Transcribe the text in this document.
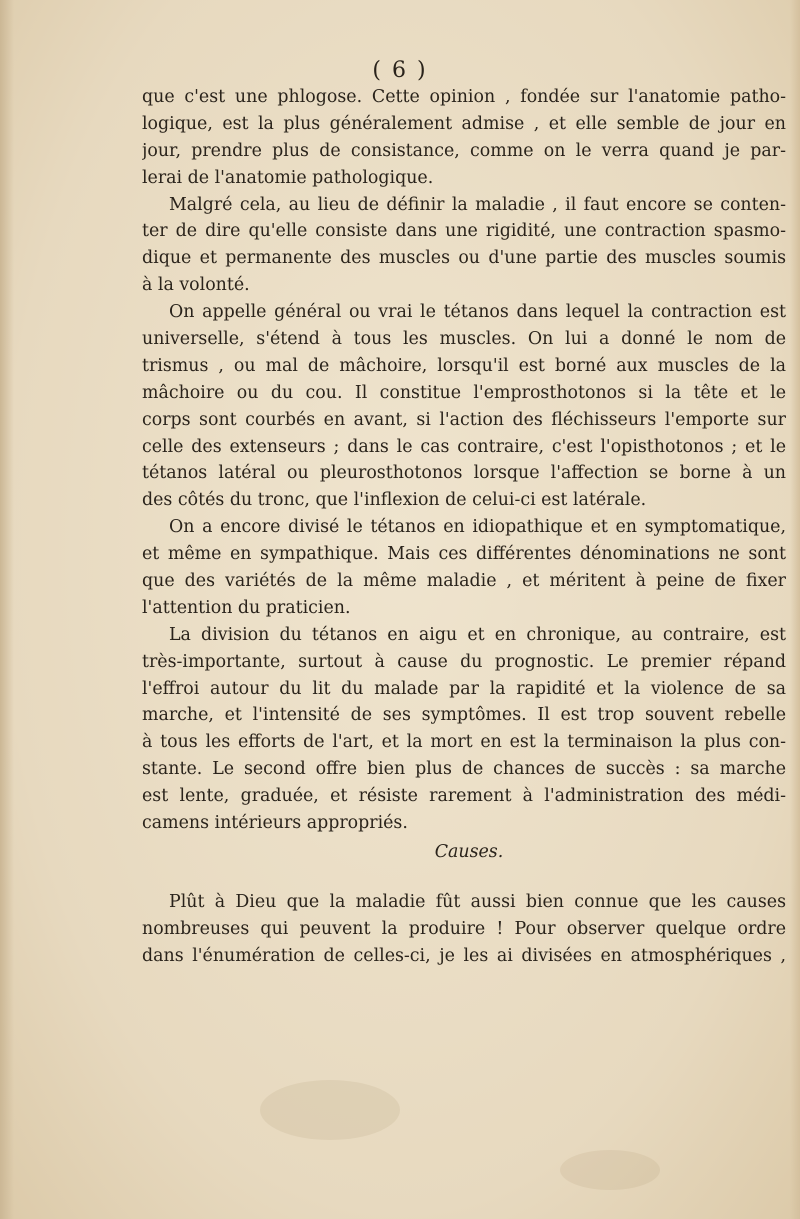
( 6 )
que c'est une phlogose. Cette opinion , fondée sur l'anatomie patho-
logique, est la plus généralement admise , et elle semble de jour en
jour, prendre plus de consistance, comme on le verra quand je par-
lerai de l'anatomie pathologique.
Malgré cela, au lieu de définir la maladie , il faut encore se conten-
ter de dire qu'elle consiste dans une rigidité, une contraction spasmo-
dique et permanente des muscles ou d'une partie des muscles soumis
à la volonté.
On appelle général ou vrai le tétanos dans lequel la contraction est
universelle, s'étend à tous les muscles. On lui a donné le nom de
trismus , ou mal de mâchoire, lorsqu'il est borné aux muscles de la
mâchoire ou du cou. Il constitue l'emprosthotonos si la tête et le
corps sont courbés en avant, si l'action des fléchisseurs l'emporte sur
celle des extenseurs ; dans le cas contraire, c'est l'opisthotonos ; et le
tétanos latéral ou pleurosthotonos lorsque l'affection se borne à un
des côtés du tronc, que l'inflexion de celui-ci est latérale.
On a encore divisé le tétanos en idiopathique et en symptomatique,
et même en sympathique. Mais ces différentes dénominations ne sont
que des variétés de la même maladie , et méritent à peine de fixer
l'attention du praticien.
La division du tétanos en aigu et en chronique, au contraire, est
très-importante, surtout à cause du prognostic. Le premier répand
l'effroi autour du lit du malade par la rapidité et la violence de sa
marche, et l'intensité de ses symptômes. Il est trop souvent rebelle
à tous les efforts de l'art, et la mort en est la terminaison la plus con-
stante. Le second offre bien plus de chances de succès : sa marche
est lente, graduée, et résiste rarement à l'administration des médi-
camens intérieurs appropriés.
Causes.
Plût à Dieu que la maladie fût aussi bien connue que les causes
nombreuses qui peuvent la produire ! Pour observer quelque ordre
dans l'énumération de celles-ci, je les ai divisées en atmosphériques ,
